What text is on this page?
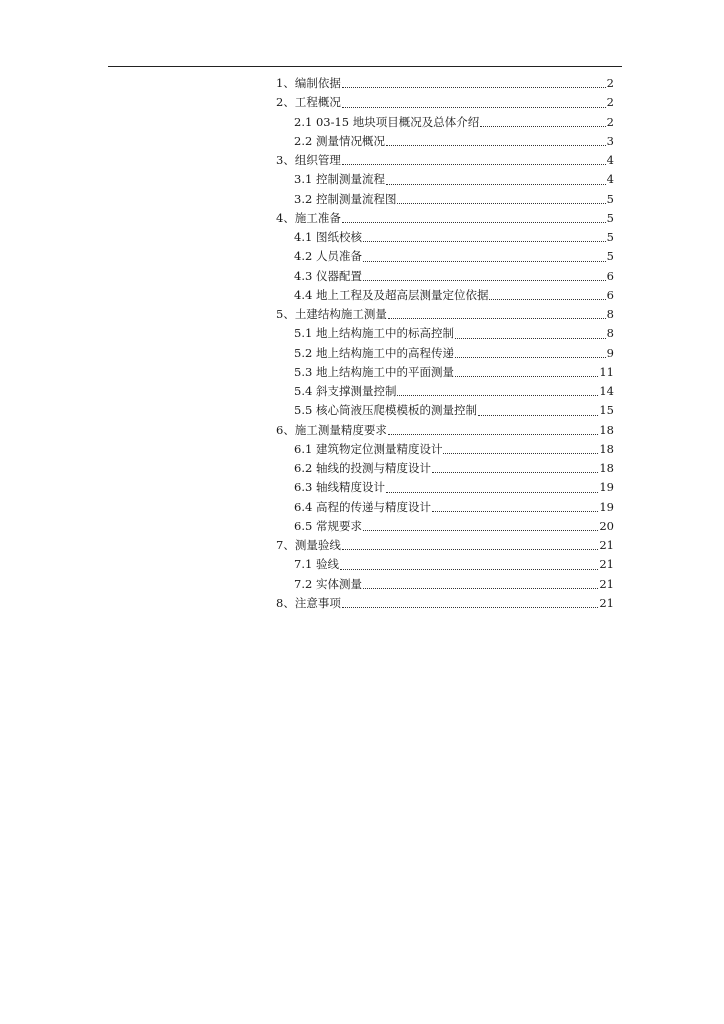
1、编制依据	2
2、工程概况	2
2.1 03-15 地块项目概况及总体介绍	2
2.2 测量情况概况	3
3、组织管理	4
3.1 控制测量流程	4
3.2 控制测量流程图	5
4、施工准备	5
4.1 图纸校核	5
4.2 人员准备	5
4.3 仪器配置	6
4.4 地上工程及及超高层测量定位依据	6
5、土建结构施工测量	8
5.1 地上结构施工中的标高控制	8
5.2 地上结构施工中的高程传递	9
5.3 地上结构施工中的平面测量	11
5.4 斜支撑测量控制	14
5.5 核心筒液压爬模模板的测量控制	15
6、施工测量精度要求	18
6.1 建筑物定位测量精度设计	18
6.2 轴线的投测与精度设计	18
6.3 轴线精度设计	19
6.4 高程的传递与精度设计	19
6.5 常规要求	20
7、测量验线	21
7.1 验线	21
7.2 实体测量	21
8、注意事项	21
